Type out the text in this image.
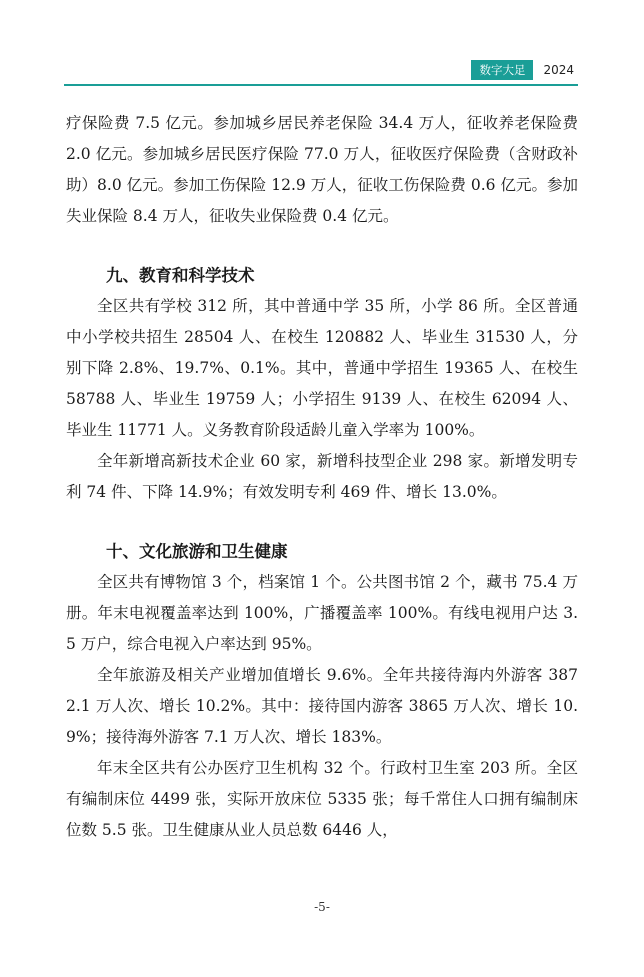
数字大足	2024

疗保险费 7.5 亿元。参加城乡居民养老保险 34.4 万人，征收养老保险费 2.0 亿元。参加城乡居民医疗保险 77.0 万人，征收医疗保险费（含财政补助）8.0 亿元。参加工伤保险 12.9 万人，征收工伤保险费 0.6 亿元。参加失业保险 8.4 万人，征收失业保险费 0.4 亿元。

九、教育和科学技术

全区共有学校 312 所，其中普通中学 35 所，小学 86 所。全区普通中小学校共招生 28504 人、在校生 120882 人、毕业生 31530 人，分别下降 2.8%、19.7%、0.1%。其中，普通中学招生 19365 人、在校生 58788 人、毕业生 19759 人；小学招生 9139 人、在校生 62094 人、毕业生 11771 人。义务教育阶段适龄儿童入学率为 100%。

全年新增高新技术企业 60 家，新增科技型企业 298 家。新增发明专利 74 件、下降 14.9%；有效发明专利 469 件、增长 13.0%。

十、文化旅游和卫生健康

全区共有博物馆 3 个，档案馆 1 个。公共图书馆 2 个，藏书 75.4 万册。年末电视覆盖率达到 100%，广播覆盖率 100%。有线电视用户达 3.5 万户，综合电视入户率达到 95%。

全年旅游及相关产业增加值增长 9.6%。全年共接待海内外游客 3872.1 万人次、增长 10.2%。其中：接待国内游客 3865 万人次、增长 10.9%；接待海外游客 7.1 万人次、增长 183%。

年末全区共有公办医疗卫生机构 32 个。行政村卫生室 203 所。全区有编制床位 4499 张，实际开放床位 5335 张；每千常住人口拥有编制床位数 5.5 张。卫生健康从业人员总数 6446 人，

-5-
